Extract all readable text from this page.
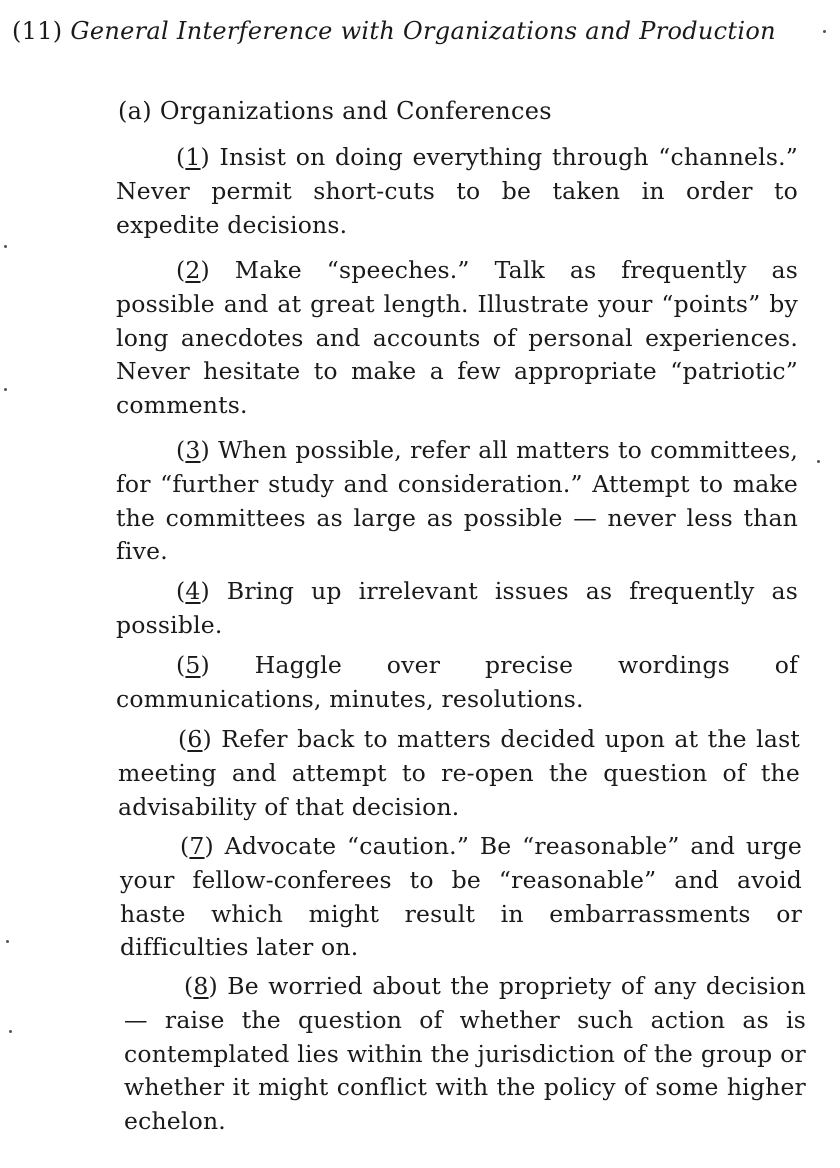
(11) General Interference with Organizations and Production
(a) Organizations and Conferences

(1) Insist on doing everything through “channels.” Never permit short-cuts to be taken in order to expedite decisions.

(2) Make “speeches.” Talk as frequently as possible and at great length. Illustrate your “points” by long anecdotes and accounts of personal experiences. Never hesitate to make a few appropriate “patriotic” comments.

(3) When possible, refer all matters to committees, for “further study and consideration.” Attempt to make the committees as large as possible — never less than five.

(4) Bring up irrelevant issues as frequently as possible.

(5) Haggle over precise wordings of communications, minutes, resolutions.

(6) Refer back to matters decided upon at the last meeting and attempt to re-open the question of the advisability of that decision.

(7) Advocate “caution.” Be “reasonable” and urge your fellow-conferees to be “reasonable” and avoid haste which might result in embarrassments or difficulties later on.

(8) Be worried about the propriety of any decision — raise the question of whether such action as is contemplated lies within the jurisdiction of the group or whether it might conflict with the policy of some higher echelon.
